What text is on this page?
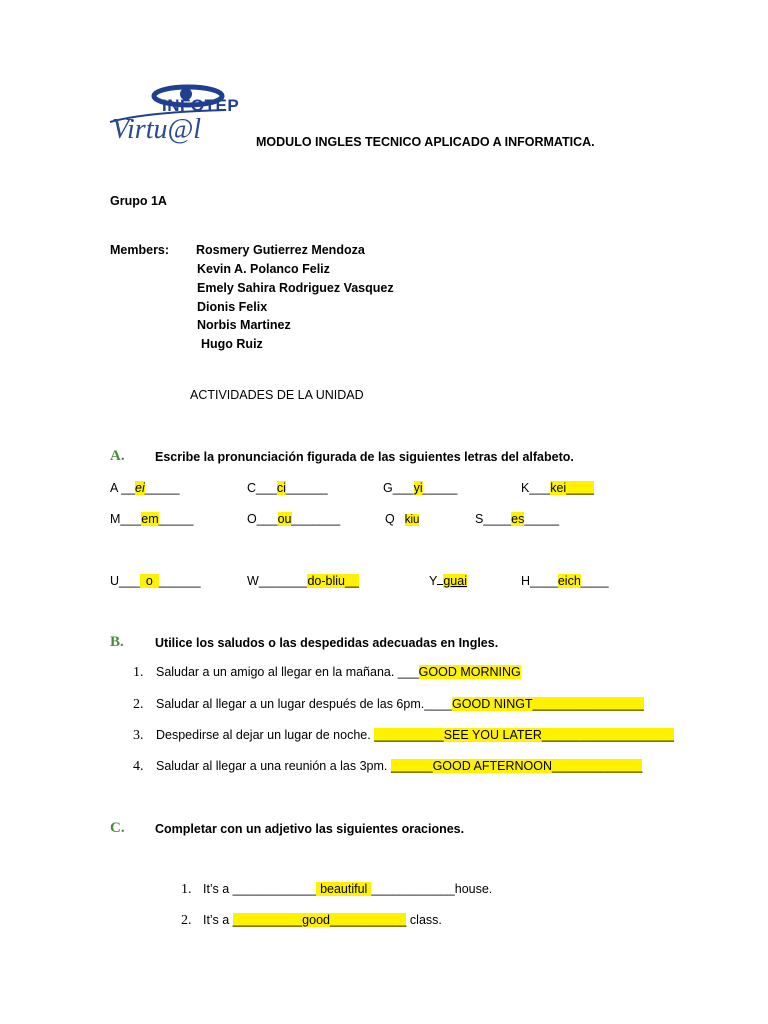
INFOTEP
Virtu@l	MODULO INGLES TECNICO APLICADO A INFORMATICA.
Grupo 1A
Members: Rosmery Gutierrez Mendoza
Kevin A. Polanco Feliz
Emely Sahira Rodriguez Vasquez
Dionis Felix
Norbis Martinez
Hugo Ruiz
ACTIVIDADES DE LA UNIDAD
A. Escribe la pronunciación figurada de las siguientes letras del alfabeto.
A __ei_____	C___ci______	G___yi_____	K___kei____
M___em_____	O___ou_______	Q kiu	S____es_____
U___ o ______	W_______do-bliu__	Y guai	H____eich____
B. Utilice los saludos o las despedidas adecuadas en Ingles.
1. Saludar a un amigo al llegar en la mañana. ___GOOD MORNING
2. Saludar al llegar a un lugar después de las 6pm.____GOOD NINGT________________
3. Despedirse al dejar un lugar de noche. __________SEE YOU LATER___________________
4. Saludar al llegar a una reunión a las 3pm. ______GOOD AFTERNOON_____________
C. Completar con un adjetivo las siguientes oraciones.
1. It’s a ____________ beautiful ____________house.
2. It’s a __________good___________ class.
